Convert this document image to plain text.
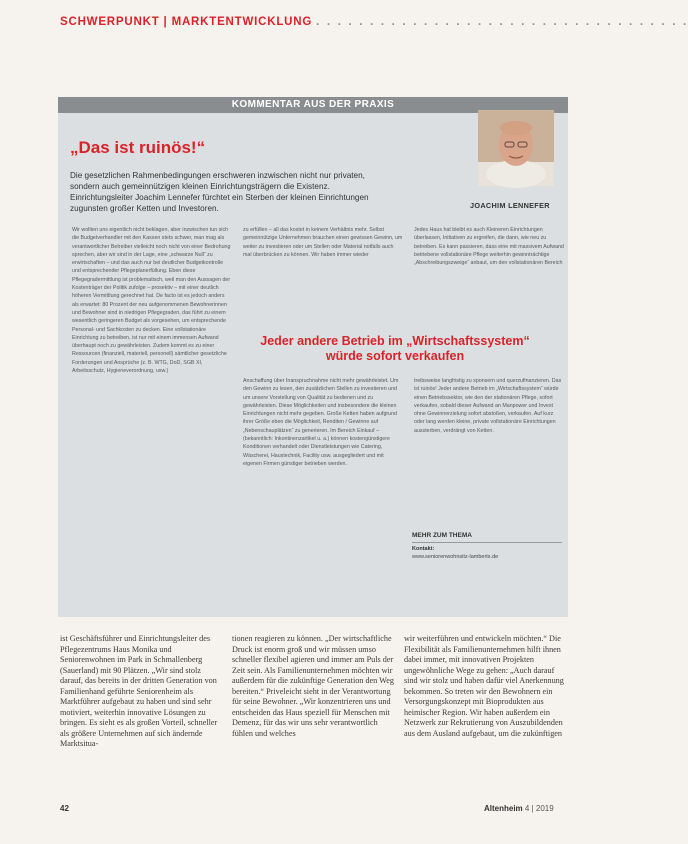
SCHWERPUNKT | MARKTENTWICKLUNG . . . . . . . . . . . . . . . . . . . . . . . . . . . . . . . . . . .
KOMMENTAR AUS DER PRAXIS
„Das ist ruinös!“
Die gesetzlichen Rahmenbedingungen erschweren inzwischen nicht nur privaten, sondern auch gemeinnützigen kleinen Einrichtungsträgern die Existenz. Einrichtungsleiter Joachim Lennefer fürchtet ein Sterben der kleinen Einrichtungen zugunsten großer Ketten und Investoren.	JOACHIM LENNEFER
Wir wollten uns eigentlich nicht beklagen, aber inzwischen tun sich die Budgetverhandler mit den Kassen stets schwer, man mag als verantwortlicher Betreiber vielleicht noch nicht von einer Bedrohung sprechen, aber wir sind in der Lage, eine „schwarze Null“ zu erwirtschaften – und das auch nur bei deutlicher Budgetkontrolle und entsprechender Pflegeplanerfüllung. Eben diese Pflegegradermittlung ist problematisch, weil man den Aussagen der Kostenträger der Politik zufolge – prosektiv – mit einer deutlich höheren Vermittlung gerechnet hat. De facto ist es jedoch anders als erwartet: 80 Prozent der neu aufgenommenen Bewohnerinnen und Bewohner sind in niedrigen Pflegegraden, das führt zu einem wesentlich geringeren Budget als vorgesehen, um entsprechende Personal- und Sachkosten zu decken. Eine vollstationäre Einrichtung zu betreiben, ist nur mit einem immensen Aufwand überhaupt noch zu gewährleisten. Zudem kommt es zu einer Ressourcen (finanziell, materiell, personell) sämtlicher gesetzliche Forderungen und Ansprüche (z. B. WTG, DoD, SGB XI, Arbeitsschutz, Hygieneverordnung, usw.)
zu erfüllen – all das kostet in keinem Verhältnis mehr. Selbst gemeinnützige Unternehmen brauchen einen gewissen Gewinn, um weiter zu investieren oder um Stellen oder Material notfalls auch mal überbrücken zu können. Wir haben immer wieder
Jedes Haus hat bleibt es auch Kleineren Einrichtungen überlassen, Initiativen zu ergreifen, die dann, wie neu zu betreiben. Es kann passieren, dass eine mit massivem Aufwand betriebene vollstationäre Pflege weiterhin gewinnträchtige „Abschreibungszweige“ anbaut, um den vollstationären Bereich
Jeder andere Betrieb im „Wirtschaftssystem“ würde sofort verkaufen
Anschaffung über Inanspruchnahme nicht mehr gewährleistet. Um den Gewinn zu lesen, den zusätzlichen Stellen zu investieren und um unsere Vorstellung von Qualität zu bedienen und zu gewährleisten. Diese Möglichkeiten und insbesondere die kleinen Einrichtungen nicht mehr gegeben. Große Ketten haben aufgrund ihrer Größe eben die Möglichkeit, Renditen / Gewinne auf „Nebenschauplätzen“ zu generieren. Im Bereich Einkauf – (bekanntlich: Inkontinenzartikel u. a.) können kostengünstigere Konditionen verhandelt oder Dienstleistungen wie Catering, Wäscherei, Haustechnik, Facility usw. ausgegliedert und mit eigenen Firmen günstiger betrieben werden.
treibsweise langfristig zu sponsern und querzufinanzieren. Das ist ruinös! Jeder andere Betrieb im „Wirtschaftssystem“ würde einen Betriebssektor, wie den der stationären Pflege, sofort verkaufen, sobald dieser Aufwand an Manpower und Invest ohne Gewinnerzielung sofort abstoßen, verkaufen. Auf kurz oder lang werden kleine, private vollstationäre Einrichtungen aussterben, verdrängt von Ketten.
MEHR ZUM THEMA
Kontakt:
www.seniorenwohnsitz-lamberts.de
ist Geschäftsführer und Einrichtungsleiter des Pflegezentrums Haus Monika und Seniorenwohnen im Park in Schmallenberg (Sauerland) mit 90 Plätzen. „Wir sind stolz darauf, das bereits in der dritten Generation von Familienhand geführte Seniorenheim als Marktführer aufgebaut zu haben und sind sehr motiviert, weiterhin innovative Lösungen zu bringen. Es sieht es als großen Vorteil, schneller als größere Unternehmen auf sich ändernde Marktsitua-
tionen reagieren zu können. „Der wirtschaftliche Druck ist enorm groß und wir müssen umso schneller flexibel agieren und immer am Puls der Zeit sein. Als Familienunternehmen möchten wir außerdem für die zukünftige Generation den Weg bereiten.“ Priveleicht sieht in der Verantwortung für seine Bewohner. „Wir konzentrieren uns und entscheiden das Haus speziell für Menschen mit Demenz, für das wir uns sehr verantwortlich fühlen und welches
wir weiterführen und entwickeln möchten.“ Die Flexibilität als Familienunternehmen hilft ihnen dabei immer, mit innovativen Projekten ungewöhnliche Wege zu gehen: „Auch darauf sind wir stolz und haben dafür viel Anerkennung bekommen. So treten wir den Bewohnern ein Versorgungskonzept mit Bioprodukten aus heimischer Region. Wir haben außerdem ein Netzwerk zur Rekrutierung von Auszubildenden aus dem Ausland aufgebaut, um die zukünftigen
42	Altenheim 4 | 2019
